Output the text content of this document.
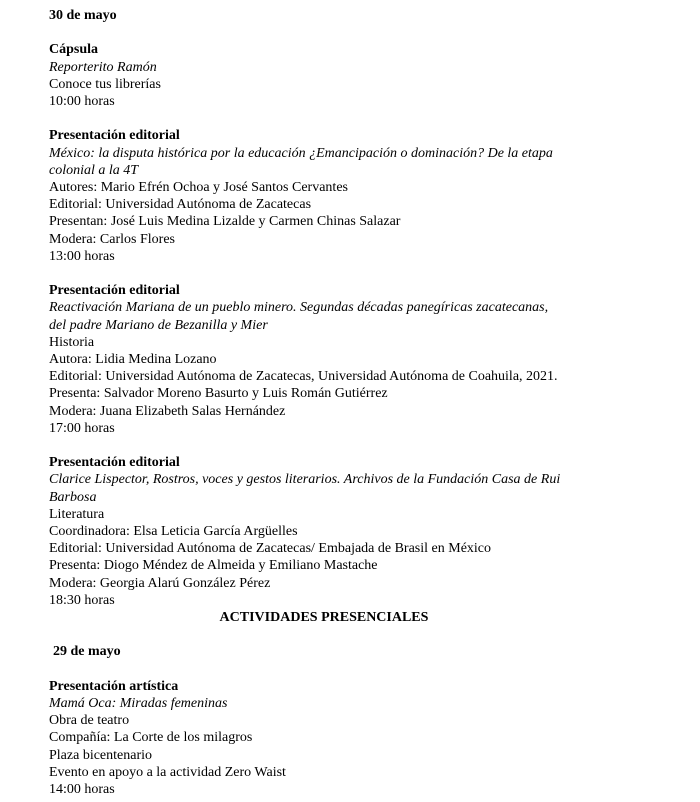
30 de mayo
Cápsula
Reporterito Ramón
Conoce tus librerías
10:00 horas
Presentación editorial
México: la disputa histórica por la educación ¿Emancipación o dominación? De la etapa
colonial a la 4T
Autores: Mario Efrén Ochoa y José Santos Cervantes
Editorial: Universidad Autónoma de Zacatecas
Presentan: José Luis Medina Lizalde y Carmen Chinas Salazar
Modera: Carlos Flores
13:00 horas
Presentación editorial
Reactivación Mariana de un pueblo minero. Segundas décadas panegíricas zacatecanas,
del padre Mariano de Bezanilla y Mier
Historia
Autora: Lidia Medina Lozano
Editorial: Universidad Autónoma de Zacatecas, Universidad Autónoma de Coahuila, 2021.
Presenta: Salvador Moreno Basurto y Luis Román Gutiérrez
Modera: Juana Elizabeth Salas Hernández
17:00 horas
Presentación editorial
Clarice Lispector, Rostros, voces y gestos literarios. Archivos de la Fundación Casa de Rui
Barbosa
Literatura
Coordinadora: Elsa Leticia García Argüelles
Editorial: Universidad Autónoma de Zacatecas/ Embajada de Brasil en México
Presenta: Diogo Méndez de Almeida y Emiliano Mastache
Modera: Georgia Alarú González Pérez
18:30 horas
ACTIVIDADES PRESENCIALES
29 de mayo
Presentación artística
Mamá Oca: Miradas femeninas
Obra de teatro
Compañía: La Corte de los milagros
Plaza bicentenario
Evento en apoyo a la actividad Zero Waist
14:00 horas
